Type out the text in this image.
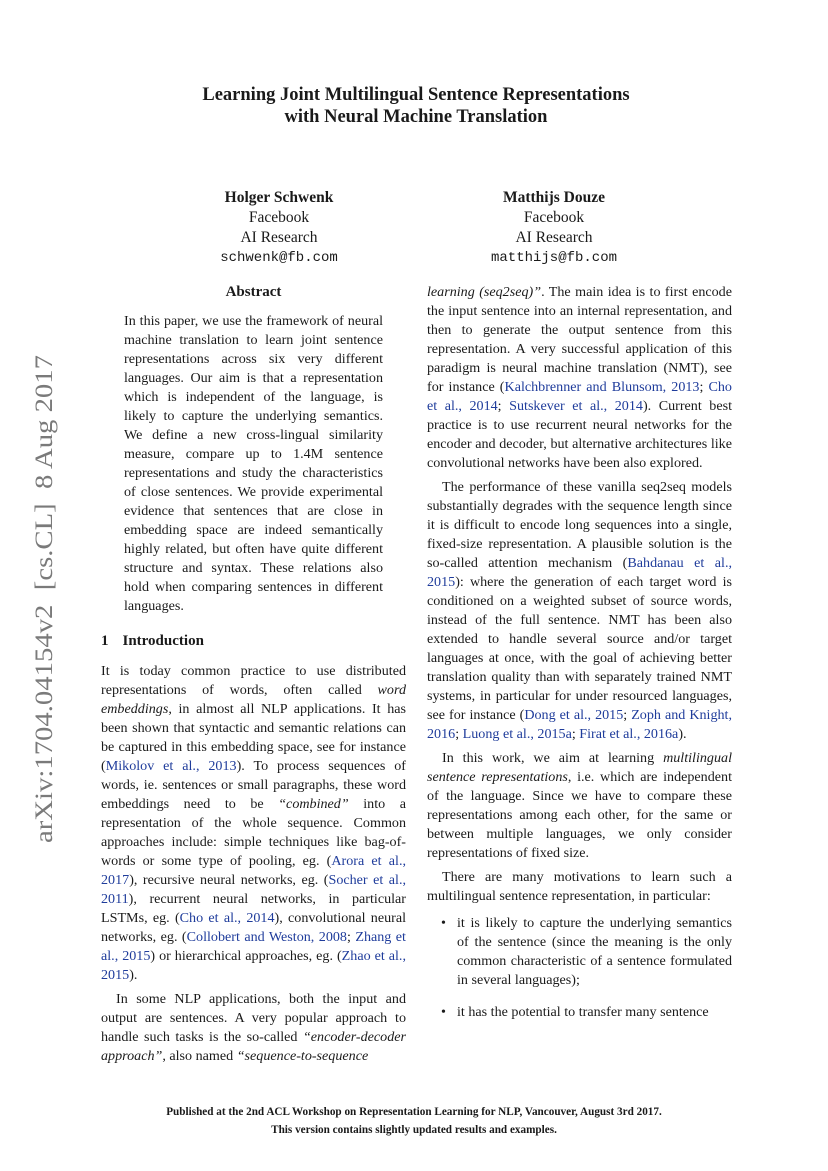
arXiv:1704.04154v2  [cs.CL]  8 Aug 2017
Learning Joint Multilingual Sentence Representations
with Neural Machine Translation
Holger Schwenk
Facebook
AI Research
schwenk@fb.com
Matthijs Douze
Facebook
AI Research
matthijs@fb.com
Abstract

In this paper, we use the framework of neural machine translation to learn joint sentence representations across six very different languages. Our aim is that a representation which is independent of the language, is likely to capture the underlying semantics. We define a new cross-lingual similarity measure, compare up to 1.4M sentence representations and study the characteristics of close sentences. We provide experimental evidence that sentences that are close in embedding space are indeed semantically highly related, but often have quite different structure and syntax. These relations also hold when comparing sentences in different languages.

1 Introduction

It is today common practice to use distributed representations of words, often called word embeddings, in almost all NLP applications. It has been shown that syntactic and semantic relations can be captured in this embedding space, see for instance (Mikolov et al., 2013). To process sequences of words, ie. sentences or small paragraphs, these word embeddings need to be “combined” into a representation of the whole sequence. Common approaches include: simple techniques like bag-of-words or some type of pooling, eg. (Arora et al., 2017), recursive neural networks, eg. (Socher et al., 2011), recurrent neural networks, in particular LSTMs, eg. (Cho et al., 2014), convolutional neural networks, eg. (Collobert and Weston, 2008; Zhang et al., 2015) or hierarchical approaches, eg. (Zhao et al., 2015).

In some NLP applications, both the input and output are sentences. A very popular approach to handle such tasks is the so-called “encoder-decoder approach”, also named “sequence-to-sequence

learning (seq2seq)”. The main idea is to first encode the input sentence into an internal representation, and then to generate the output sentence from this representation. A very successful application of this paradigm is neural machine translation (NMT), see for instance (Kalchbrenner and Blunsom, 2013; Cho et al., 2014; Sutskever et al., 2014). Current best practice is to use recurrent neural networks for the encoder and decoder, but alternative architectures like convolutional networks have been also explored.

The performance of these vanilla seq2seq models substantially degrades with the sequence length since it is difficult to encode long sequences into a single, fixed-size representation. A plausible solution is the so-called attention mechanism (Bahdanau et al., 2015): where the generation of each target word is conditioned on a weighted subset of source words, instead of the full sentence. NMT has been also extended to handle several source and/or target languages at once, with the goal of achieving better translation quality than with separately trained NMT systems, in particular for under resourced languages, see for instance (Dong et al., 2015; Zoph and Knight, 2016; Luong et al., 2015a; Firat et al., 2016a).

In this work, we aim at learning multilingual sentence representations, i.e. which are independent of the language. Since we have to compare these representations among each other, for the same or between multiple languages, we only consider representations of fixed size.

There are many motivations to learn such a multilingual sentence representation, in particular:

• it is likely to capture the underlying semantics of the sentence (since the meaning is the only common characteristic of a sentence formulated in several languages);
• it has the potential to transfer many sentence
Published at the 2nd ACL Workshop on Representation Learning for NLP, Vancouver, August 3rd 2017.
This version contains slightly updated results and examples.
